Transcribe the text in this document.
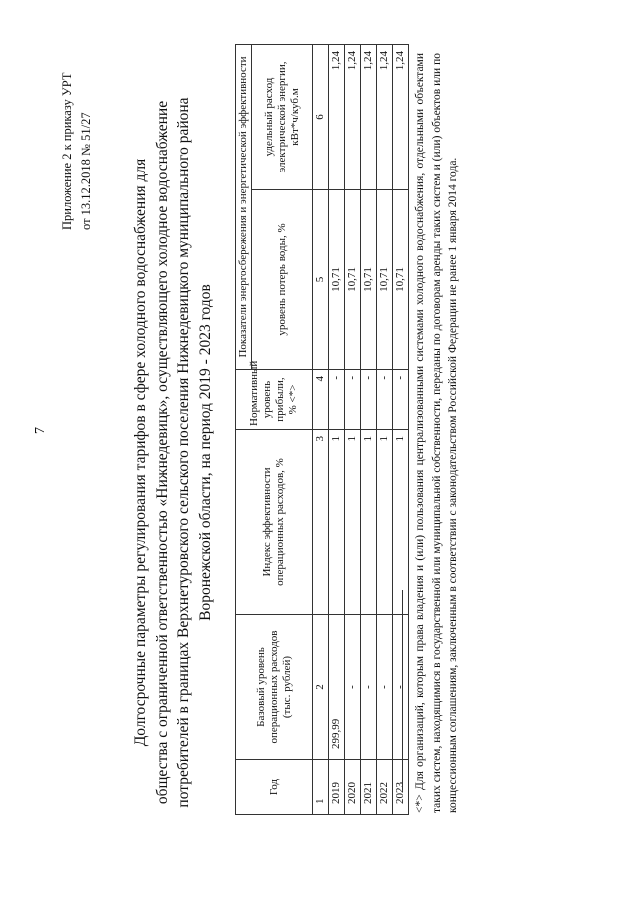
7
Приложение 2 к приказу УРТ от 13.12.2018 № 51/27	Долгосрочные параметры регулирования тарифов в сфере холодного водоснабжения для общества с ограниченной ответственностью «Нижнедевицк», осуществляющего холодное водоснабжение потребителей в границах Верхнетуровского сельского поселения Нижнедевицкого муниципального района Воронежской области, на период 2019 - 2023 годов
Год	Базовый уровень операционных расходов (тыс. рублей)	Индекс эффективности операционных расходов, %	Нормативный уровень прибыли, % <*>	Показатели энергосбережения и энергетической эффективности	
				уровень потерь воды, %	удельный расход электрической энергии, кВт*ч/куб.м
1	2	3	4	5	6
2019	299,99	1	-	10,71	1,24
2020	-	1	-	10,71	1,24
2021	-	1	-	10,71	1,24
2022	-	1	-	10,71	1,24
2023	-	1	-	10,71	1,24 <*> Для организаций, которым права владения и (или) пользования централизованными системами холодного водоснабжения, отдельными объектами таких систем, находящимися в государственной или муниципальной собственности, переданы по договорам аренды таких систем и (или) объектов или по концессионным соглашениям, заключенным в соответствии с законодательством Российской Федерации не ранее 1 января 2014 года.
